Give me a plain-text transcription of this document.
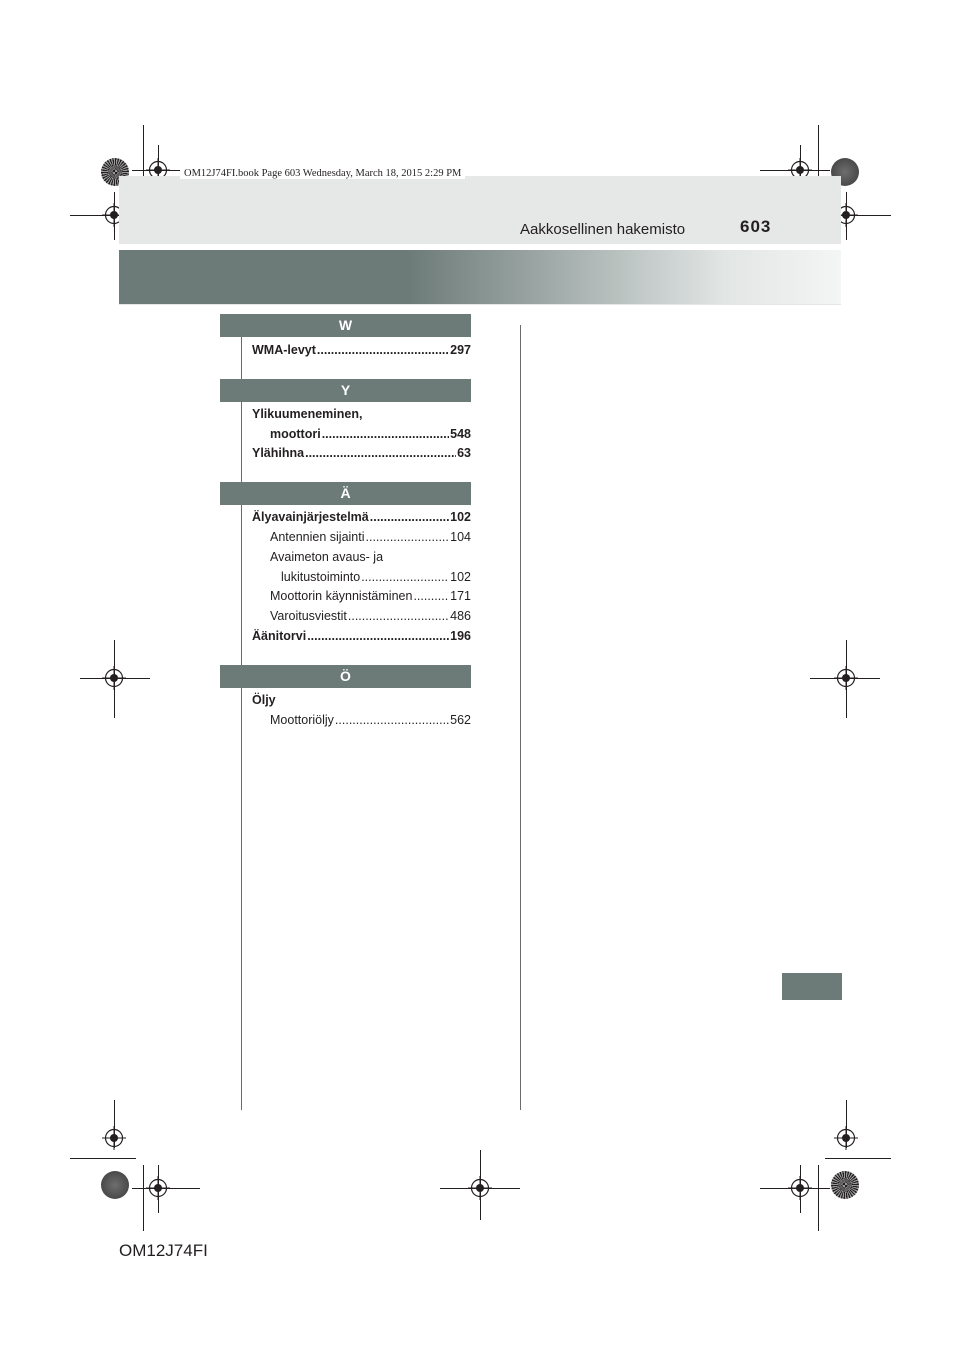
OM12J74FI.book Page 603 Wednesday, March 18, 2015 2:29 PM
Aakkosellinen hakemisto	603
W
WMA-levyt .....	297
Y
Ylikuumeneminen,
moottori .....	548
Ylähihna .....	63
Ä
Älyavainjärjestelmä .....	102
Antennien sijainti .....	104
Avaimeton avaus- ja
lukitustoiminto .....	102
Moottorin käynnistäminen .....	171
Varoitusviestit .....	486
Äänitorvi .....	196
Ö
Öljy
Moottoriöljy .....	562
OM12J74FI
